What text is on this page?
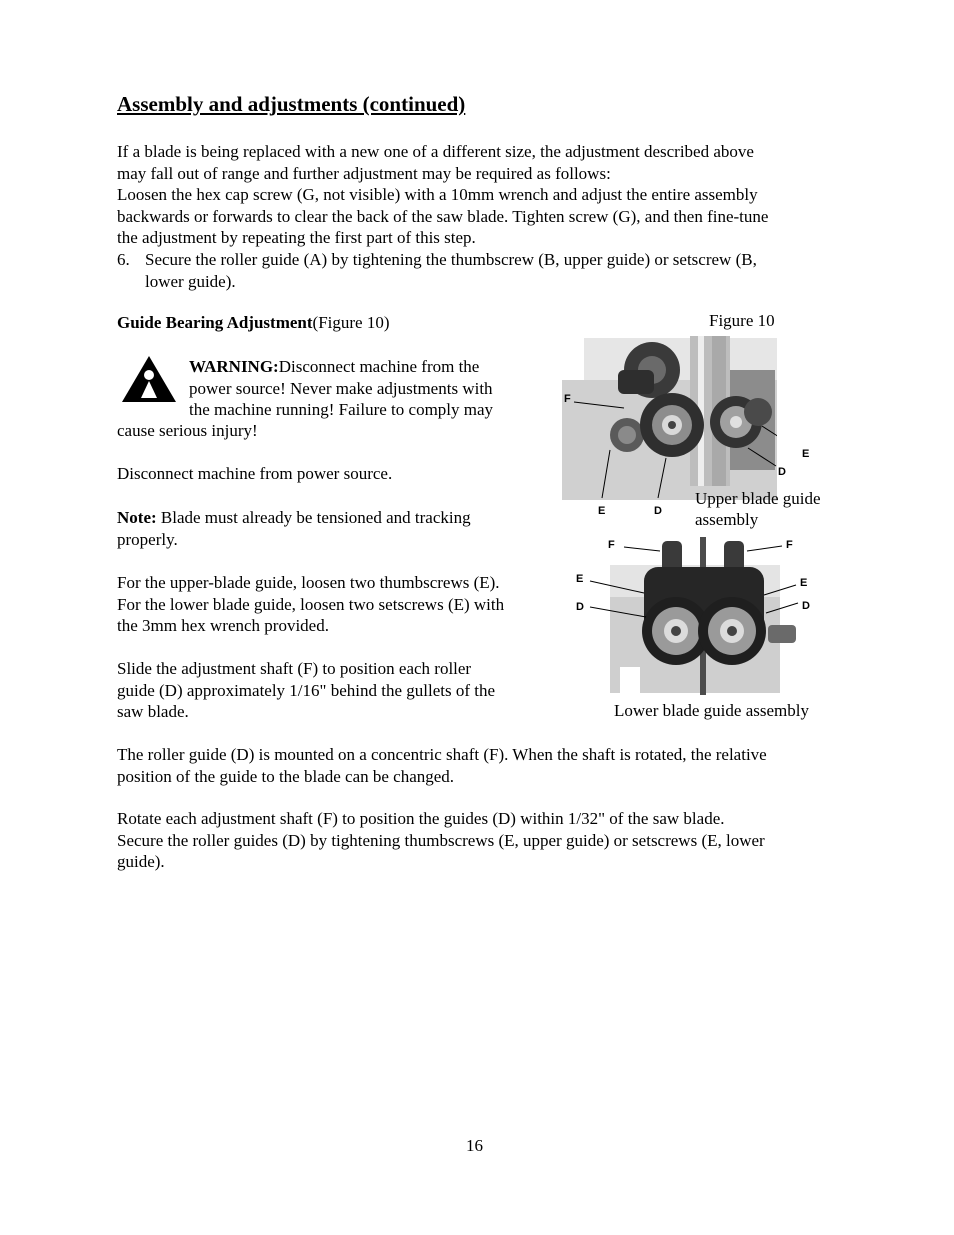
Assembly and adjustments (continued)
If a blade is being replaced with a new one of a different size, the adjustment described above
may fall out of range and further adjustment may be required as follows:
Loosen the hex cap screw (G, not visible) with a 10mm wrench and adjust the entire assembly
backwards or forwards to clear the back of the saw blade. Tighten screw (G), and then fine-tune
the adjustment by repeating the first part of this step.
6. Secure the roller guide (A) by tightening the thumbscrew (B, upper guide) or setscrew (B,
lower guide).
Guide Bearing Adjustment(Figure 10)
WARNING:Disconnect machine from the
power source! Never make adjustments with
the machine running! Failure to comply may
cause serious injury!
Disconnect machine from power source.
Note: Blade must already be tensioned and tracking
properly.
For the upper-blade guide, loosen two thumbscrews (E).
For the lower blade guide, loosen two setscrews (E) with
the 3mm hex wrench provided.
Slide the adjustment shaft (F) to position each roller
guide (D) approximately 1/16" behind the gullets of the
saw blade.
The roller guide (D) is mounted on a concentric shaft (F). When the shaft is rotated, the relative
position of the guide to the blade can be changed.
Rotate each adjustment shaft (F) to position the guides (D) within 1/32" of the saw blade.
Secure the roller guides (D) by tightening thumbscrews (E, upper guide) or setscrews (E, lower
guide).
Figure 10
F
E	D
E
D
Upper blade guide
assembly
F	F
E
D
E
D
Lower blade guide assembly
16
